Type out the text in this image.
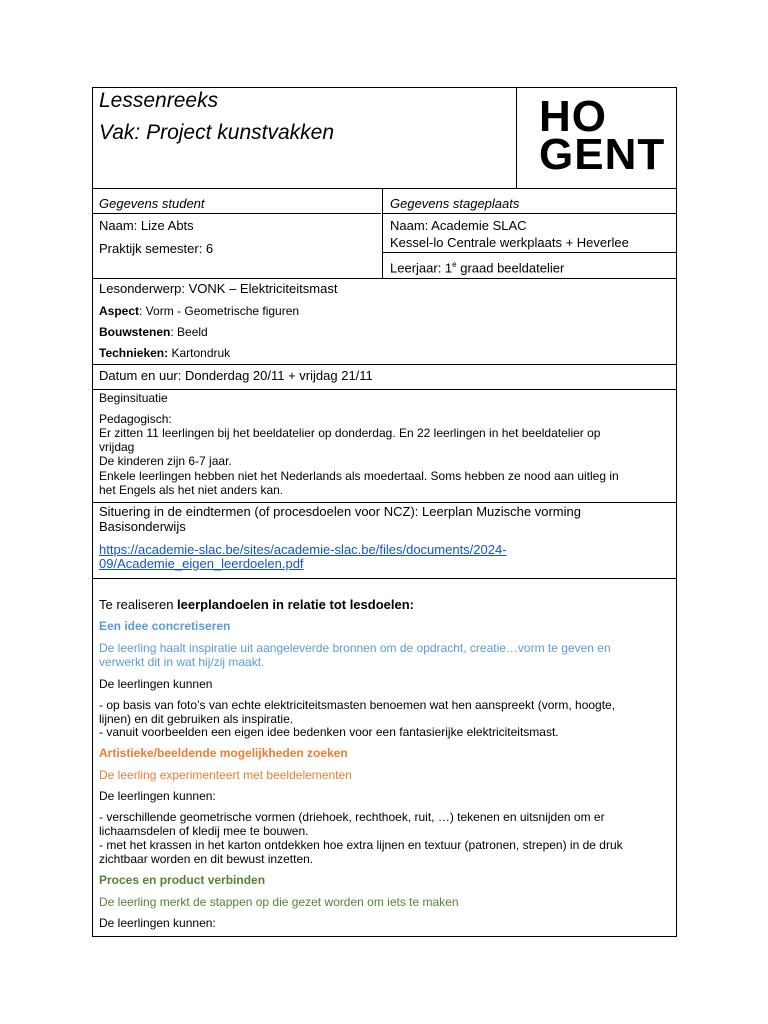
Lessenreeks
Vak: Project kunstvakken	HO
GENT
Gegevens student
Naam: Lize Abts
Praktijk semester: 6
Gegevens stageplaats
Naam: Academie SLAC
Kessel-lo Centrale werkplaats + Heverlee
Leerjaar: 1e graad beeldatelier
Lesonderwerp: VONK – Elektriciteitsmast
Aspect: Vorm - Geometrische figuren
Bouwstenen: Beeld
Technieken: Kartondruk
Datum en uur: Donderdag 20/11 + vrijdag 21/11
Beginsituatie
Pedagogisch:
Er zitten 11 leerlingen bij het beeldatelier op donderdag. En 22 leerlingen in het beeldatelier op
vrijdag
De kinderen zijn 6-7 jaar.
Enkele leerlingen hebben niet het Nederlands als moedertaal. Soms hebben ze nood aan uitleg in
het Engels als het niet anders kan.
Situering in de eindtermen (of procesdoelen voor NCZ): Leerplan Muzische vorming
Basisonderwijs
https://academie-slac.be/sites/academie-slac.be/files/documents/2024-
09/Academie_eigen_leerdoelen.pdf
Te realiseren leerplandoelen in relatie tot lesdoelen:
Een idee concretiseren
De leerling haalt inspiratie uit aangeleverde bronnen om de opdracht, creatie…vorm te geven en
verwerkt dit in wat hij/zij maakt.
De leerlingen kunnen
- op basis van foto’s van echte elektriciteitsmasten benoemen wat hen aanspreekt (vorm, hoogte,
lijnen) en dit gebruiken als inspiratie.
- vanuit voorbeelden een eigen idee bedenken voor een fantasierijke elektriciteitsmast.
Artistieke/beeldende mogelijkheden zoeken
De leerling experimenteert met beeldelementen
De leerlingen kunnen:
- verschillende geometrische vormen (driehoek, rechthoek, ruit, …) tekenen en uitsnijden om er
lichaamsdelen of kledij mee te bouwen.
- met het krassen in het karton ontdekken hoe extra lijnen en textuur (patronen, strepen) in de druk
zichtbaar worden en dit bewust inzetten.
Proces en product verbinden
De leerling merkt de stappen op die gezet worden om iets te maken
De leerlingen kunnen:
